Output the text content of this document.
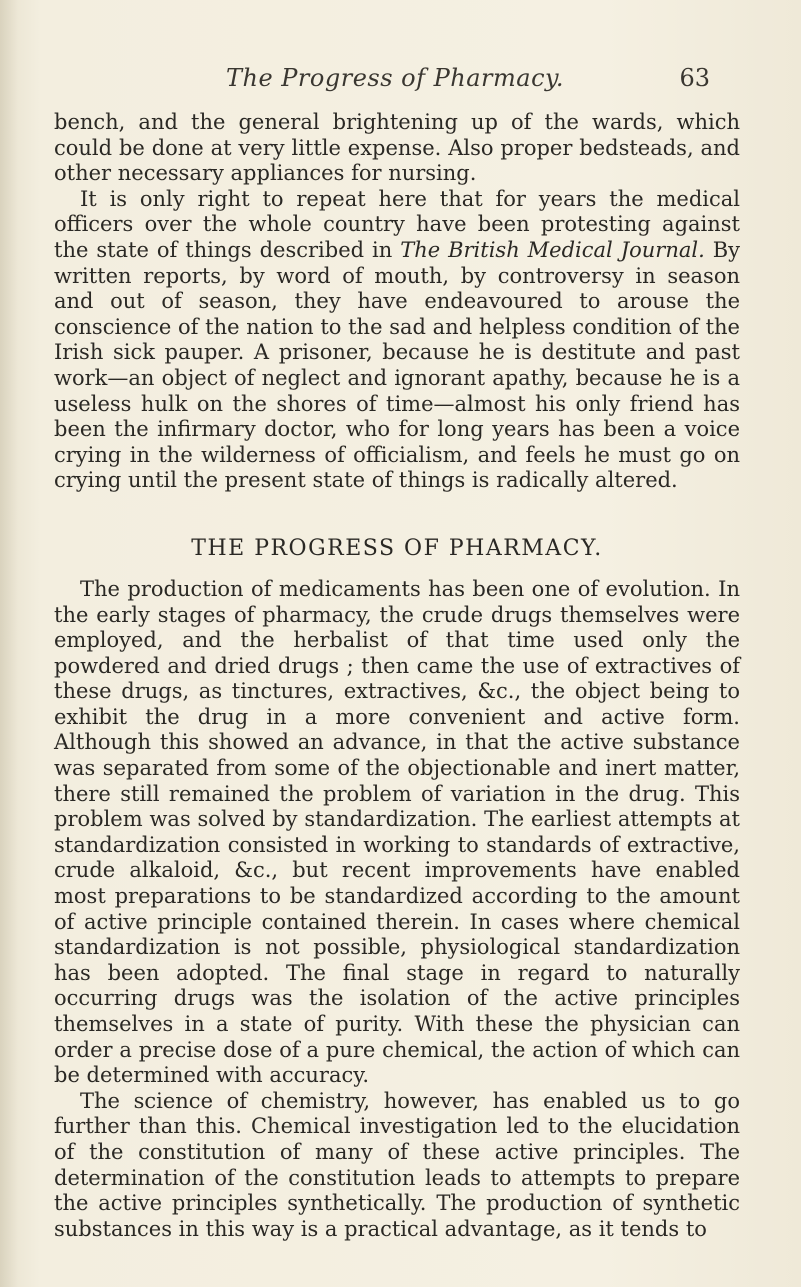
The Progress of Pharmacy.	63

bench, and the general brightening up of the wards, which could be done at very little expense. Also proper bedsteads, and other necessary appliances for nursing.

It is only right to repeat here that for years the medical officers over the whole country have been protesting against the state of things described in The British Medical Journal. By written reports, by word of mouth, by controversy in season and out of season, they have endeavoured to arouse the conscience of the nation to the sad and helpless condition of the Irish sick pauper. A prisoner, because he is destitute and past work—an object of neglect and ignorant apathy, because he is a useless hulk on the shores of time—almost his only friend has been the infirmary doctor, who for long years has been a voice crying in the wilderness of officialism, and feels he must go on crying until the present state of things is radically altered.

THE PROGRESS OF PHARMACY.

The production of medicaments has been one of evolution. In the early stages of pharmacy, the crude drugs themselves were employed, and the herbalist of that time used only the powdered and dried drugs ; then came the use of extractives of these drugs, as tinctures, extractives, &c., the object being to exhibit the drug in a more convenient and active form. Although this showed an advance, in that the active substance was separated from some of the objectionable and inert matter, there still remained the problem of variation in the drug. This problem was solved by standardization. The earliest attempts at standardization consisted in working to standards of extractive, crude alkaloid, &c., but recent improvements have enabled most preparations to be standardized according to the amount of active principle contained therein. In cases where chemical standardization is not possible, physiological standardization has been adopted. The final stage in regard to naturally occurring drugs was the isolation of the active principles themselves in a state of purity. With these the physician can order a precise dose of a pure chemical, the action of which can be determined with accuracy.

The science of chemistry, however, has enabled us to go further than this. Chemical investigation led to the elucidation of the constitution of many of these active principles. The determination of the constitution leads to attempts to prepare the active principles synthetically. The production of synthetic substances in this way is a practical advantage, as it tends to
